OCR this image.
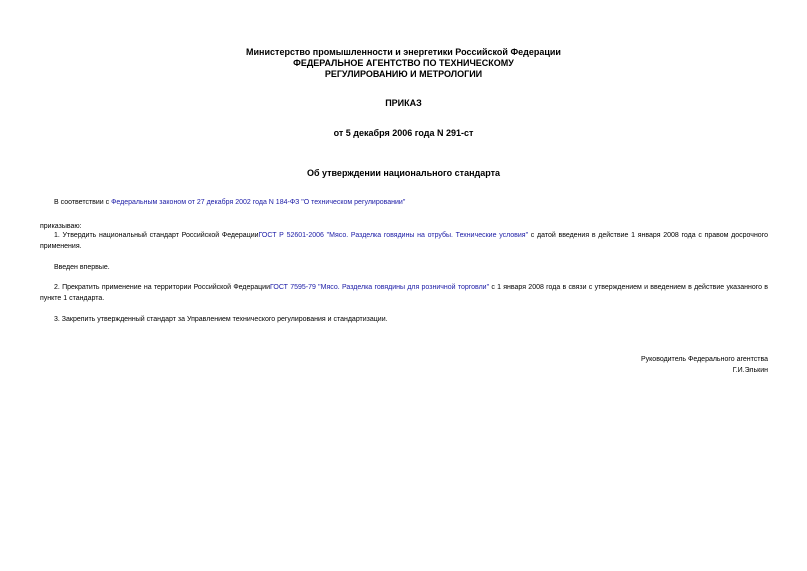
Министерство промышленности и энергетики Российской Федерации
ФЕДЕРАЛЬНОЕ АГЕНТСТВО ПО ТЕХНИЧЕСКОМУ
РЕГУЛИРОВАНИЮ И МЕТРОЛОГИИ
ПРИКАЗ
от 5 декабря 2006 года N 291-ст
Об утверждении национального стандарта
В соответствии с Федеральным законом от 27 декабря 2002 года N 184-ФЗ "О техническом регулировании"
приказываю:
1. Утвердить национальный стандарт Российской ФедерацииГОСТ Р 52601-2006 "Мясо. Разделка говядины на отрубы. Технические условия" с датой введения в действие 1 января 2008 года с правом досрочного применения.
Введен впервые.
2. Прекратить применение на территории Российской ФедерацииГОСТ 7595-79 "Мясо. Разделка говядины для розничной торговли" с 1 января 2008 года в связи с утверждением и введением в действие указанного в пункте 1 стандарта.
3. Закрепить утвержденный стандарт за Управлением технического регулирования и стандартизации.
Руководитель Федерального агентства
Г.И.Элькин
